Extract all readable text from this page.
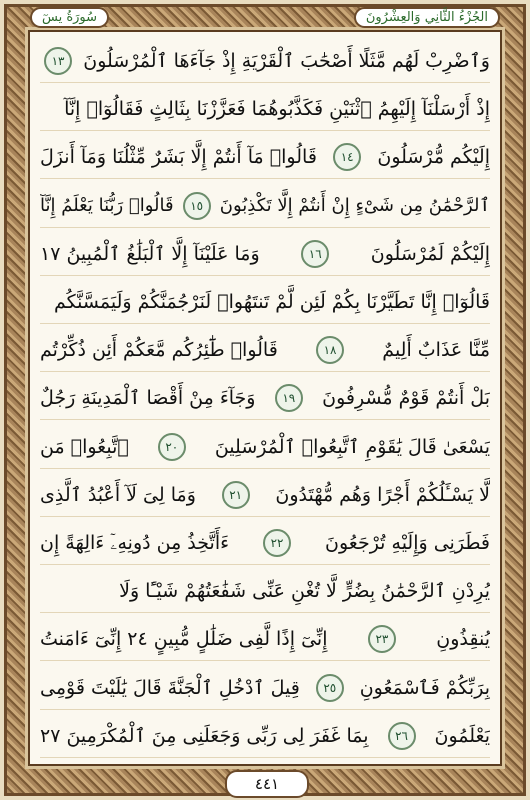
الجُزْءُ الثَّانِي وَالعِشْرُونَ
سُورَةُ يسٓ
وَٱضْرِبْ لَهُم مَّثَلًا أَصْحَٰبَ ٱلْقَرْيَةِ إِذْ جَآءَهَا ٱلْمُرْسَلُونَ
١٣
إِذْ أَرْسَلْنَآ إِلَيْهِمُ ٱثْنَيْنِ فَكَذَّبُوهُمَا فَعَزَّزْنَا بِثَالِثٍ فَقَالُوٓا۟ إِنَّآ
إِلَيْكُم مُّرْسَلُونَ
١٤
قَالُوا۟ مَآ أَنتُمْ إِلَّا بَشَرٌ مِّثْلُنَا وَمَآ أَنزَلَ
ٱلرَّحْمَٰنُ مِن شَىْءٍ إِنْ أَنتُمْ إِلَّا تَكْذِبُونَ
١٥
قَالُوا۟ رَبُّنَا يَعْلَمُ إِنَّآ
إِلَيْكُمْ لَمُرْسَلُونَ
١٦
وَمَا عَلَيْنَآ إِلَّا ٱلْبَلَٰغُ ٱلْمُبِينُ ١٧
قَالُوٓا۟ إِنَّا تَطَيَّرْنَا بِكُمْ لَئِن لَّمْ تَنتَهُوا۟ لَنَرْجُمَنَّكُمْ وَلَيَمَسَّنَّكُم
مِّنَّا عَذَابٌ أَلِيمٌ
١٨
قَالُوا۟ طَٰٓئِرُكُم مَّعَكُمْ أَئِن ذُكِّرْتُم
بَلْ أَنتُمْ قَوْمٌ مُّسْرِفُونَ
١٩
وَجَآءَ مِنْ أَقْصَا ٱلْمَدِينَةِ رَجُلٌ
يَسْعَىٰ قَالَ يَٰقَوْمِ ٱتَّبِعُوا۟ ٱلْمُرْسَلِينَ
٢٠
ٱتَّبِعُوا۟ مَن
لَّا يَسْـَٔلُكُمْ أَجْرًا وَهُم مُّهْتَدُونَ
٢١
وَمَا لِىَ لَآ أَعْبُدُ ٱلَّذِى
فَطَرَنِى وَإِلَيْهِ تُرْجَعُونَ
٢٢
ءَأَتَّخِذُ مِن دُونِهِۦٓ ءَالِهَةً إِن
يُرِدْنِ ٱلرَّحْمَٰنُ بِضُرٍّ لَّا تُغْنِ عَنِّى شَفَٰعَتُهُمْ شَيْـًٔا وَلَا
يُنقِذُونِ
٢٣
إِنِّىٓ إِذًا لَّفِى ضَلَٰلٍ مُّبِينٍ ٢٤ إِنِّىٓ ءَامَنتُ
بِرَبِّكُمْ فَٱسْمَعُونِ
٢٥
قِيلَ ٱدْخُلِ ٱلْجَنَّةَ قَالَ يَٰلَيْتَ قَوْمِى
يَعْلَمُونَ
٢٦
بِمَا غَفَرَ لِى رَبِّى وَجَعَلَنِى مِنَ ٱلْمُكْرَمِينَ ٢٧
٤٤١
